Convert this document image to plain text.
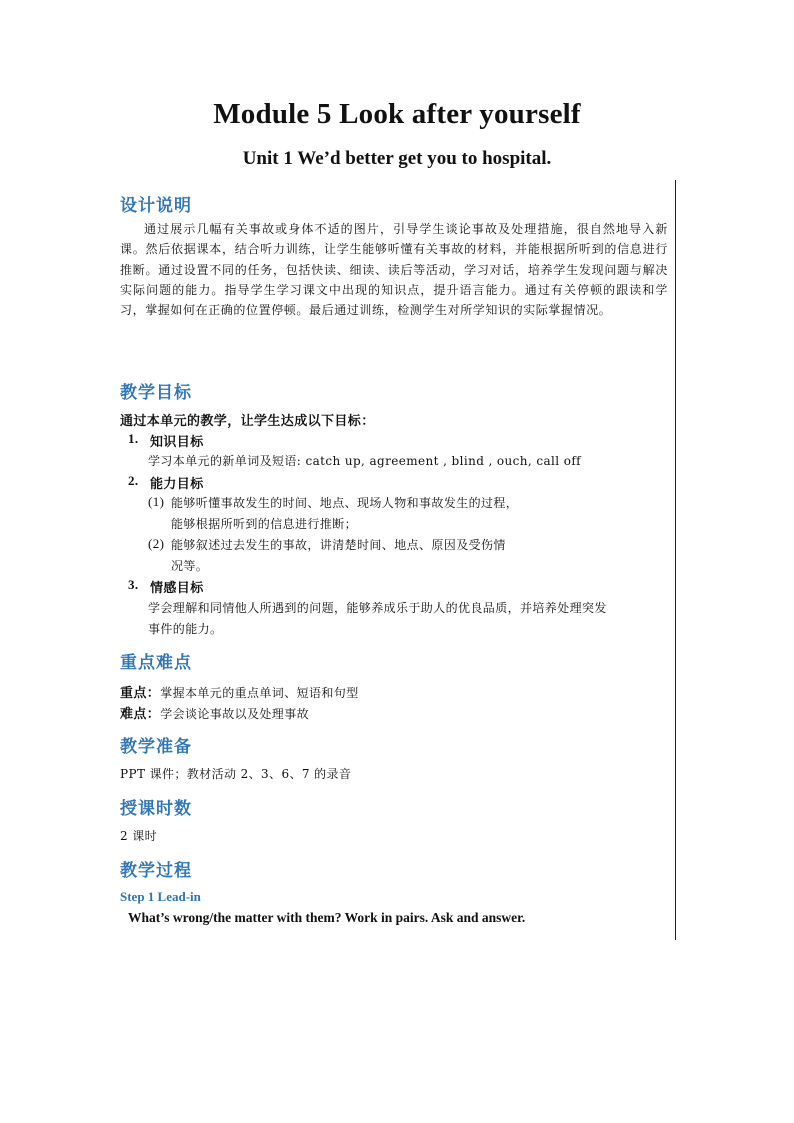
Module 5 Look after yourself
Unit 1 We’d better get you to hospital.
设计说明
通过展示几幅有关事故或身体不适的图片，引导学生谈论事故及处理措施，很自然地导入新课。然后依据课本，结合听力训练，让学生能够听懂有关事故的材料，并能根据所听到的信息进行推断。通过设置不同的任务，包括快读、细读、读后等活动，学习对话，培养学生发现问题与解决实际问题的能力。指导学生学习课文中出现的知识点，提升语言能力。通过有关停顿的跟读和学习，掌握如何在正确的位置停顿。最后通过训练，检测学生对所学知识的实际掌握情况。
教学目标
通过本单元的教学，让学生达成以下目标：
1. 知识目标
学习本单元的新单词及短语: catch up, agreement , blind , ouch, call off
2. 能力目标
(1) 能够听懂事故发生的时间、地点、现场人物和事故发生的过程，
能够根据所听到的信息进行推断；
(2) 能够叙述过去发生的事故，讲清楚时间、地点、原因及受伤情
况等。
3. 情感目标
学会理解和同情他人所遇到的问题，能够养成乐于助人的优良品质，并培养处理突发
事件的能力。
重点难点
重点：掌握本单元的重点单词、短语和句型
难点：学会谈论事故以及处理事故
教学准备
PPT 课件；教材活动 2、3、6、7 的录音
授课时数
2 课时
教学过程
Step 1 Lead-in
What’s wrong/the matter with them? Work in pairs. Ask and answer.
